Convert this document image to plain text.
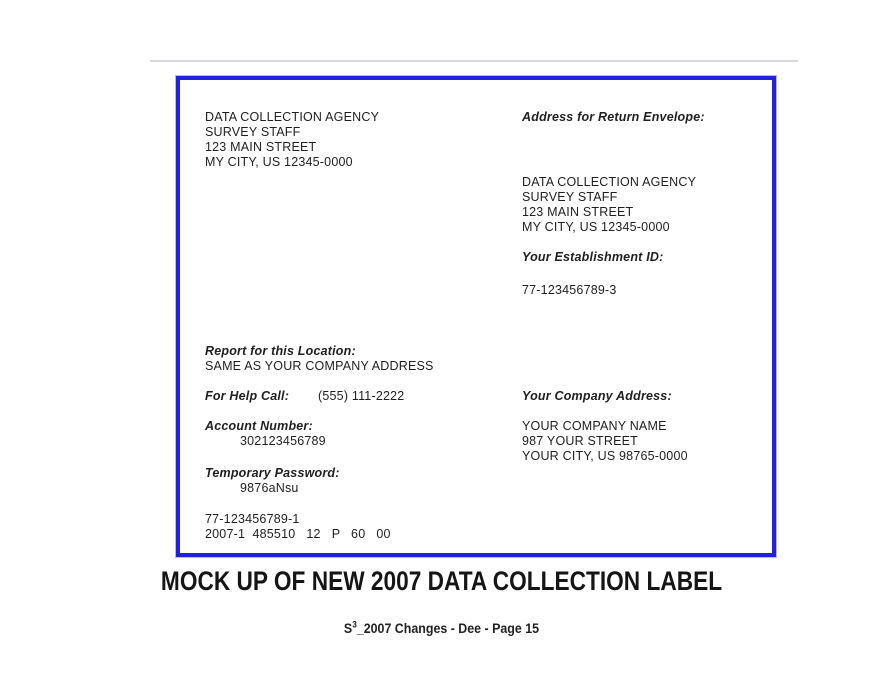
DATA COLLECTION AGENCY
SURVEY STAFF
123 MAIN STREET
MY CITY, US 12345-0000
Address for Return Envelope:
DATA COLLECTION AGENCY
SURVEY STAFF
123 MAIN STREET
MY CITY, US 12345-0000
Your Establishment ID:
77-123456789-3
Report for this Location:
SAME AS YOUR COMPANY ADDRESS
For Help Call: (555) 111-2222
Account Number:
302123456789
Your Company Address:
YOUR COMPANY NAME
987 YOUR STREET
YOUR CITY, US 98765-0000
Temporary Password:
9876aNsu
77-123456789-1
2007-1  485510   12   P   60   00
MOCK UP OF NEW 2007 DATA COLLECTION LABEL
$S^3\_2007$ Changes - Dee - Page 15
